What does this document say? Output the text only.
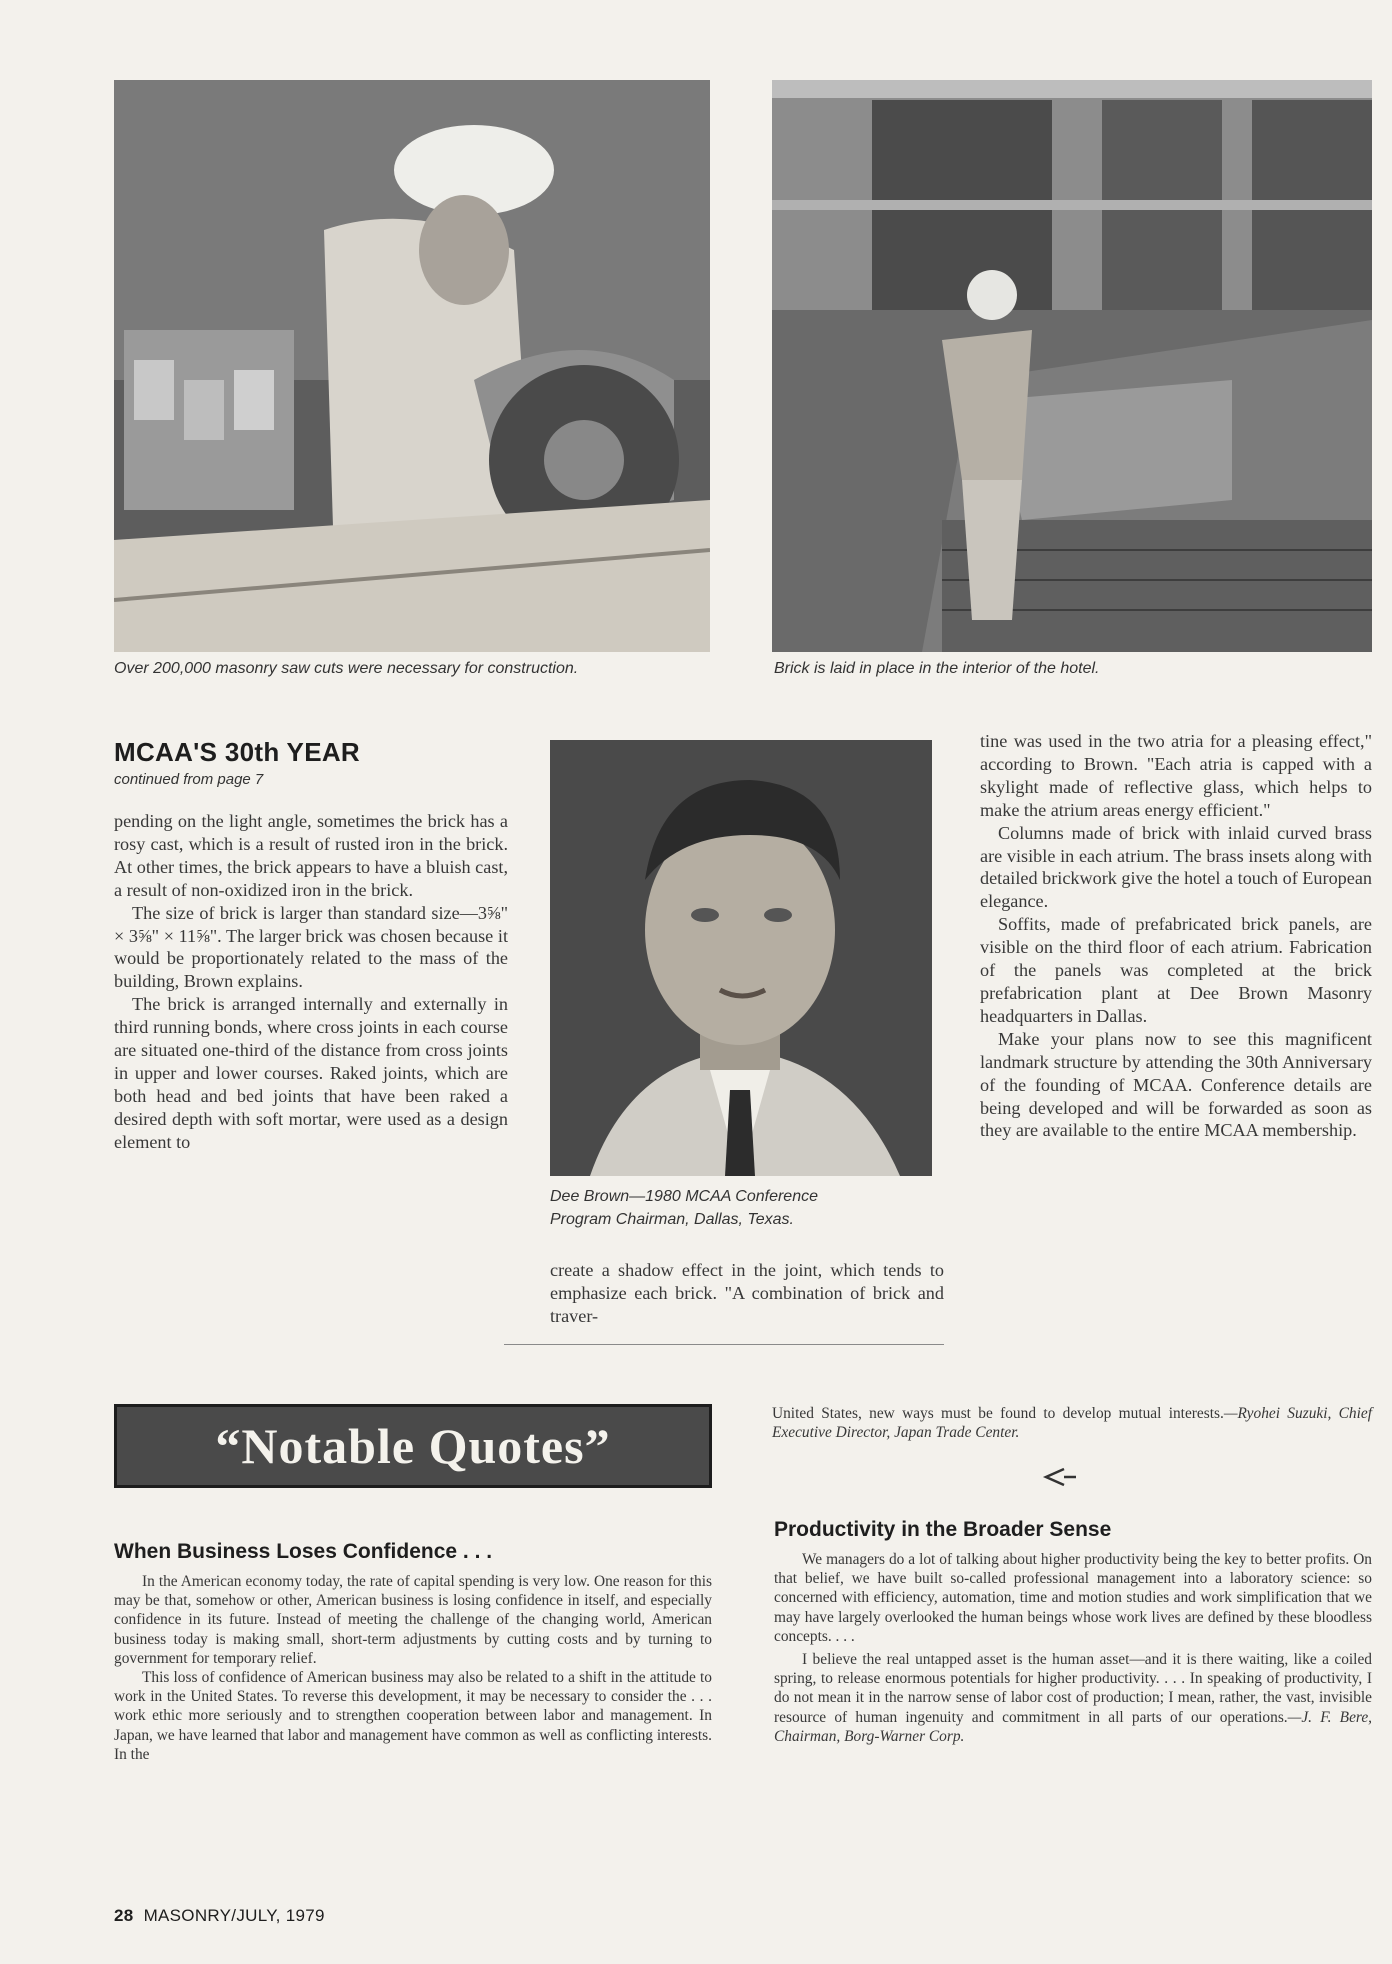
Over 200,000 masonry saw cuts were necessary for construction.	Brick is laid in place in the interior of the hotel.
MCAA'S 30th YEAR
continued from page 7

pending on the light angle, sometimes the brick has a rosy cast, which is a result of rusted iron in the brick. At other times, the brick appears to have a bluish cast, a result of non-oxidized iron in the brick.

The size of brick is larger than standard size—3⅝" × 3⅝" × 11⅝". The larger brick was chosen because it would be proportionately related to the mass of the building, Brown explains.

The brick is arranged internally and externally in third running bonds, where cross joints in each course are situated one-third of the distance from cross joints in upper and lower courses. Raked joints, which are both head and bed joints that have been raked a desired depth with soft mortar, were used as a design element to

Dee Brown—1980 MCAA Conference
Program Chairman, Dallas, Texas.

create a shadow effect in the joint, which tends to emphasize each brick. "A combination of brick and traver-

tine was used in the two atria for a pleasing effect," according to Brown. "Each atria is capped with a skylight made of reflective glass, which helps to make the atrium areas energy efficient."

Columns made of brick with inlaid curved brass are visible in each atrium. The brass insets along with detailed brickwork give the hotel a touch of European elegance.

Soffits, made of prefabricated brick panels, are visible on the third floor of each atrium. Fabrication of the panels was completed at the brick prefabrication plant at Dee Brown Masonry headquarters in Dallas.

Make your plans now to see this magnificent landmark structure by attending the 30th Anniversary of the founding of MCAA. Conference details are being developed and will be forwarded as soon as they are available to the entire MCAA membership.

“Notable Quotes”
When Business Loses Confidence . . .

In the American economy today, the rate of capital spending is very low. One reason for this may be that, somehow or other, American business is losing confidence in itself, and especially confidence in its future. Instead of meeting the challenge of the changing world, American business today is making small, short-term adjustments by cutting costs and by turning to government for temporary relief.

This loss of confidence of American business may also be related to a shift in the attitude to work in the United States. To reverse this development, it may be necessary to consider the . . . work ethic more seriously and to strengthen cooperation between labor and management. In Japan, we have learned that labor and management have common as well as conflicting interests. In the

United States, new ways must be found to develop mutual interests.—Ryohei Suzuki, Chief Executive Director, Japan Trade Center.
Productivity in the Broader Sense

We managers do a lot of talking about higher productivity being the key to better profits. On that belief, we have built so-called professional management into a laboratory science: so concerned with efficiency, automation, time and motion studies and work simplification that we may have largely overlooked the human beings whose work lives are defined by these bloodless concepts. . . .

I believe the real untapped asset is the human asset—and it is there waiting, like a coiled spring, to release enormous potentials for higher productivity. . . . In speaking of productivity, I do not mean it in the narrow sense of labor cost of production; I mean, rather, the vast, invisible resource of human ingenuity and commitment in all parts of our operations.—J. F. Bere, Chairman, Borg-Warner Corp.

28 MASONRY/JULY, 1979
